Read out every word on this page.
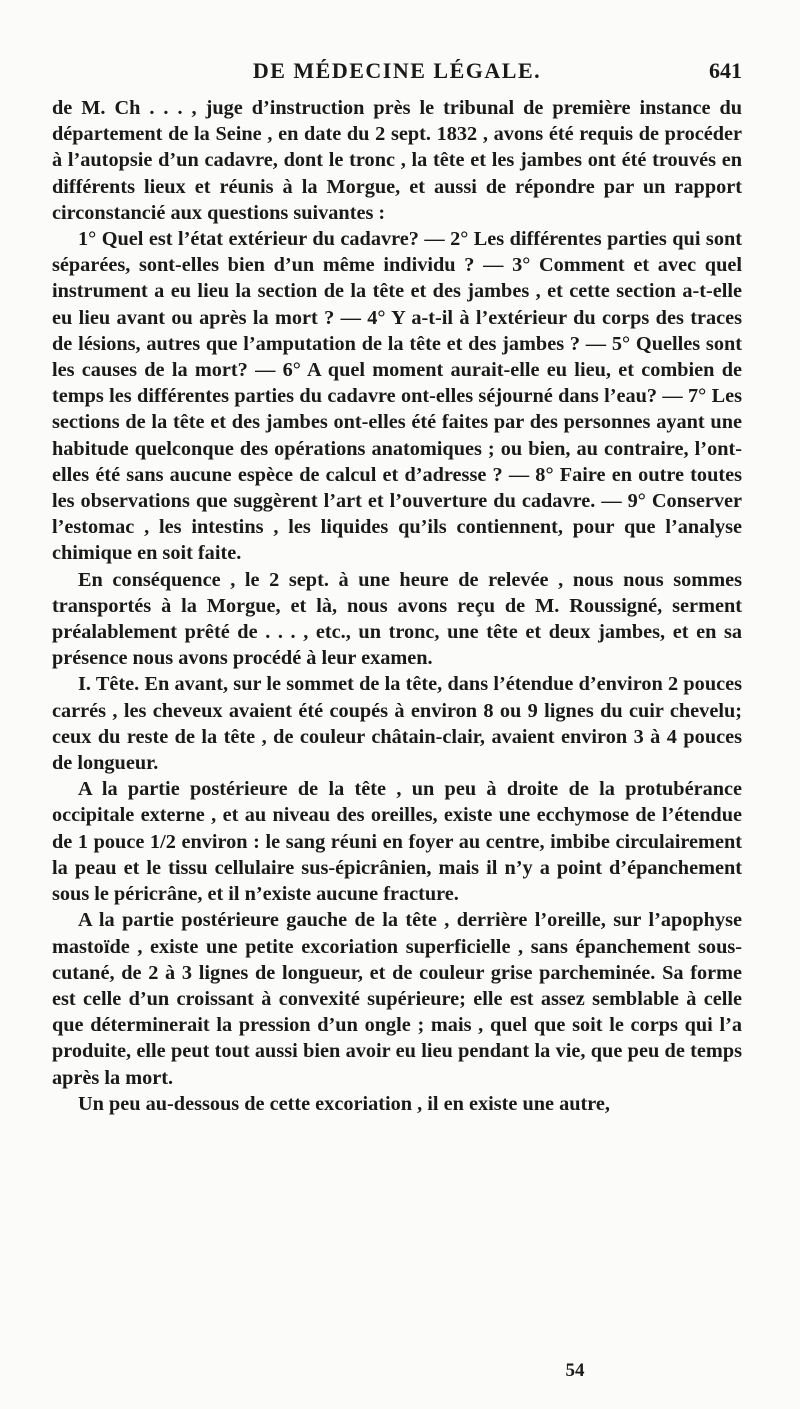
DE MÉDECINE LÉGALE.	641

de M. Ch . . . , juge d’instruction près le tribunal de première instance du département de la Seine , en date du 2 sept. 1832 , avons été requis de procéder à l’autopsie d’un cadavre, dont le tronc , la tête et les jambes ont été trouvés en différents lieux et réunis à la Morgue, et aussi de répondre par un rapport circonstancié aux questions suivantes :

1° Quel est l’état extérieur du cadavre? — 2° Les différentes parties qui sont séparées, sont-elles bien d’un même individu ? — 3° Comment et avec quel instrument a eu lieu la section de la tête et des jambes , et cette section a-t-elle eu lieu avant ou après la mort ? — 4° Y a-t-il à l’extérieur du corps des traces de lésions, autres que l’amputation de la tête et des jambes ? — 5° Quelles sont les causes de la mort? — 6° A quel moment aurait-elle eu lieu, et combien de temps les différentes parties du cadavre ont-elles séjourné dans l’eau? — 7° Les sections de la tête et des jambes ont-elles été faites par des personnes ayant une habitude quelconque des opérations anatomiques ; ou bien, au contraire, l’ont-elles été sans aucune espèce de calcul et d’adresse ? — 8° Faire en outre toutes les observations que suggèrent l’art et l’ouverture du cadavre. — 9° Conserver l’estomac , les intestins , les liquides qu’ils contiennent, pour que l’analyse chimique en soit faite.

En conséquence , le 2 sept. à une heure de relevée , nous nous sommes transportés à la Morgue, et là, nous avons reçu de M. Roussigné, serment préalablement prêté de . . . , etc., un tronc, une tête et deux jambes, et en sa présence nous avons procédé à leur examen.

I. Tête. En avant, sur le sommet de la tête, dans l’étendue d’environ 2 pouces carrés , les cheveux avaient été coupés à environ 8 ou 9 lignes du cuir chevelu; ceux du reste de la tête , de couleur châtain-clair, avaient environ 3 à 4 pouces de longueur.

A la partie postérieure de la tête , un peu à droite de la protubérance occipitale externe , et au niveau des oreilles, existe une ecchymose de l’étendue de 1 pouce 1/2 environ : le sang réuni en foyer au centre, imbibe circulairement la peau et le tissu cellulaire sus-épicrânien, mais il n’y a point d’épanchement sous le péricrâne, et il n’existe aucune fracture.

A la partie postérieure gauche de la tête , derrière l’oreille, sur l’apophyse mastoïde , existe une petite excoriation superficielle , sans épanchement sous-cutané, de 2 à 3 lignes de longueur, et de couleur grise parcheminée. Sa forme est celle d’un croissant à convexité supérieure; elle est assez semblable à celle que déterminerait la pression d’un ongle ; mais , quel que soit le corps qui l’a produite, elle peut tout aussi bien avoir eu lieu pendant la vie, que peu de temps après la mort.

Un peu au-dessous de cette excoriation , il en existe une autre,

54
